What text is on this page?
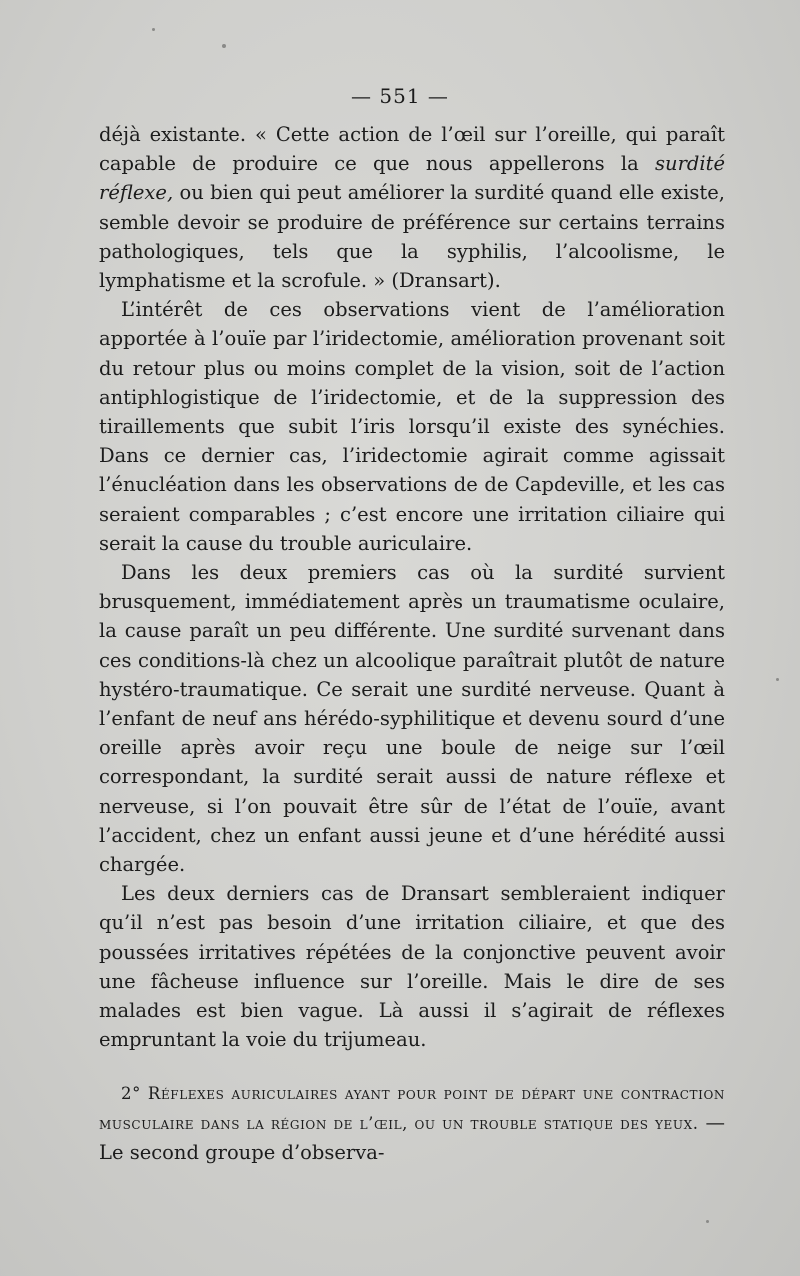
— 551 —

déjà existante. « Cette action de l’œil sur l’oreille, qui paraît capable de produire ce que nous appellerons la surdité réflexe, ou bien qui peut améliorer la surdité quand elle existe, semble devoir se produire de préférence sur certains terrains pathologiques, tels que la syphilis, l’alcoolisme, le lymphatisme et la scrofule. » (Dransart).

L’intérêt de ces observations vient de l’amélioration apportée à l’ouïe par l’iridectomie, amélioration provenant soit du retour plus ou moins complet de la vision, soit de l’action antiphlogistique de l’iridectomie, et de la suppression des tiraillements que subit l’iris lorsqu’il existe des synéchies. Dans ce dernier cas, l’iridectomie agirait comme agissait l’énucléation dans les observations de de Capdeville, et les cas seraient comparables ; c’est encore une irritation ciliaire qui serait la cause du trouble auriculaire.

Dans les deux premiers cas où la surdité survient brusquement, immédiatement après un traumatisme oculaire, la cause paraît un peu différente. Une surdité survenant dans ces conditions-là chez un alcoolique paraîtrait plutôt de nature hystéro-traumatique. Ce serait une surdité nerveuse. Quant à l’enfant de neuf ans hérédo-syphilitique et devenu sourd d’une oreille après avoir reçu une boule de neige sur l’œil correspondant, la surdité serait aussi de nature réflexe et nerveuse, si l’on pouvait être sûr de l’état de l’ouïe, avant l’accident, chez un enfant aussi jeune et d’une hérédité aussi chargée.

Les deux derniers cas de Dransart sembleraient indiquer qu’il n’est pas besoin d’une irritation ciliaire, et que des poussées irritatives répétées de la conjonctive peuvent avoir une fâcheuse influence sur l’oreille. Mais le dire de ses malades est bien vague. Là aussi il s’agirait de réflexes empruntant la voie du trijumeau.

2° Réflexes auriculaires ayant pour point de départ une contraction musculaire dans la région de l’œil, ou un trouble statique des yeux. — Le second groupe d’observa-
